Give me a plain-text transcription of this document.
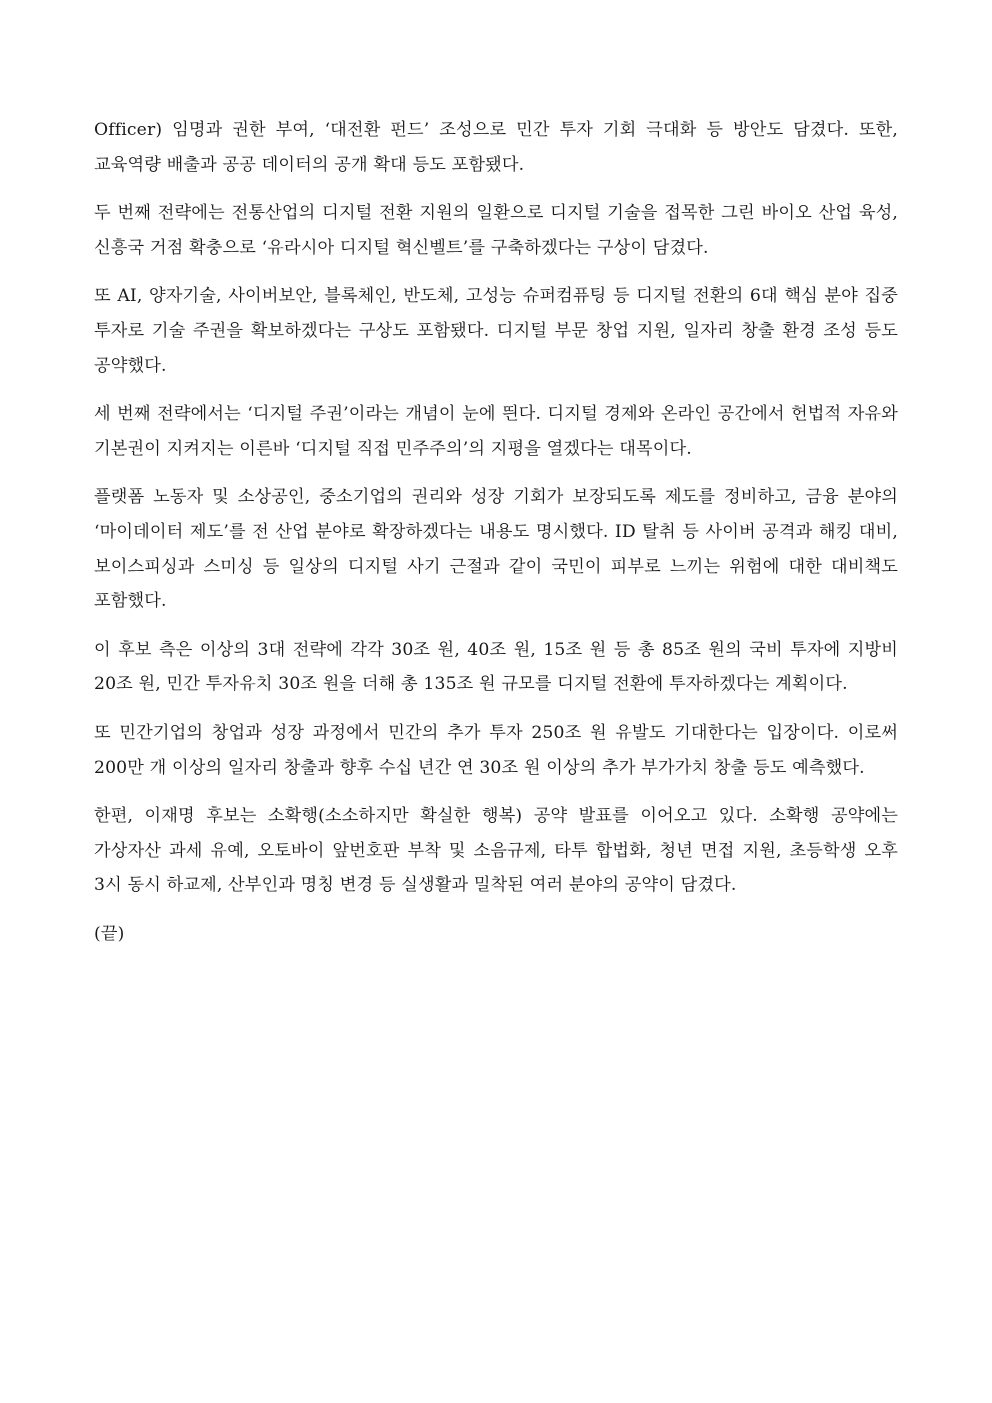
Officer) 임명과 권한 부여, ‘대전환 펀드’ 조성으로 민간 투자 기회 극대화 등 방안도 담겼다. 또한, 교육역량 배출과 공공 데이터의 공개 확대 등도 포함됐다.

두 번째 전략에는 전통산업의 디지털 전환 지원의 일환으로 디지털 기술을 접목한 그린 바이오 산업 육성, 신흥국 거점 확충으로 ‘유라시아 디지털 혁신벨트’를 구축하겠다는 구상이 담겼다.

또 AI, 양자기술, 사이버보안, 블록체인, 반도체, 고성능 슈퍼컴퓨팅 등 디지털 전환의 6대 핵심 분야 집중 투자로 기술 주권을 확보하겠다는 구상도 포함됐다. 디지털 부문 창업 지원, 일자리 창출 환경 조성 등도 공약했다.

세 번째 전략에서는 ‘디지털 주권’이라는 개념이 눈에 띈다. 디지털 경제와 온라인 공간에서 헌법적 자유와 기본권이 지켜지는 이른바 ‘디지털 직접 민주주의’의 지평을 열겠다는 대목이다.

플랫폼 노동자 및 소상공인, 중소기업의 권리와 성장 기회가 보장되도록 제도를 정비하고, 금융 분야의 ‘마이데이터 제도’를 전 산업 분야로 확장하겠다는 내용도 명시했다. ID 탈취 등 사이버 공격과 해킹 대비, 보이스피싱과 스미싱 등 일상의 디지털 사기 근절과 같이 국민이 피부로 느끼는 위험에 대한 대비책도 포함했다.

이 후보 측은 이상의 3대 전략에 각각 30조 원, 40조 원, 15조 원 등 총 85조 원의 국비 투자에 지방비 20조 원, 민간 투자유치 30조 원을 더해 총 135조 원 규모를 디지털 전환에 투자하겠다는 계획이다.

또 민간기업의 창업과 성장 과정에서 민간의 추가 투자 250조 원 유발도 기대한다는 입장이다. 이로써 200만 개 이상의 일자리 창출과 향후 수십 년간 연 30조 원 이상의 추가 부가가치 창출 등도 예측했다.

한편, 이재명 후보는 소확행(소소하지만 확실한 행복) 공약 발표를 이어오고 있다. 소확행 공약에는 가상자산 과세 유예, 오토바이 앞번호판 부착 및 소음규제, 타투 합법화, 청년 면접 지원, 초등학생 오후 3시 동시 하교제, 산부인과 명칭 변경 등 실생활과 밀착된 여러 분야의 공약이 담겼다.

(끝)
